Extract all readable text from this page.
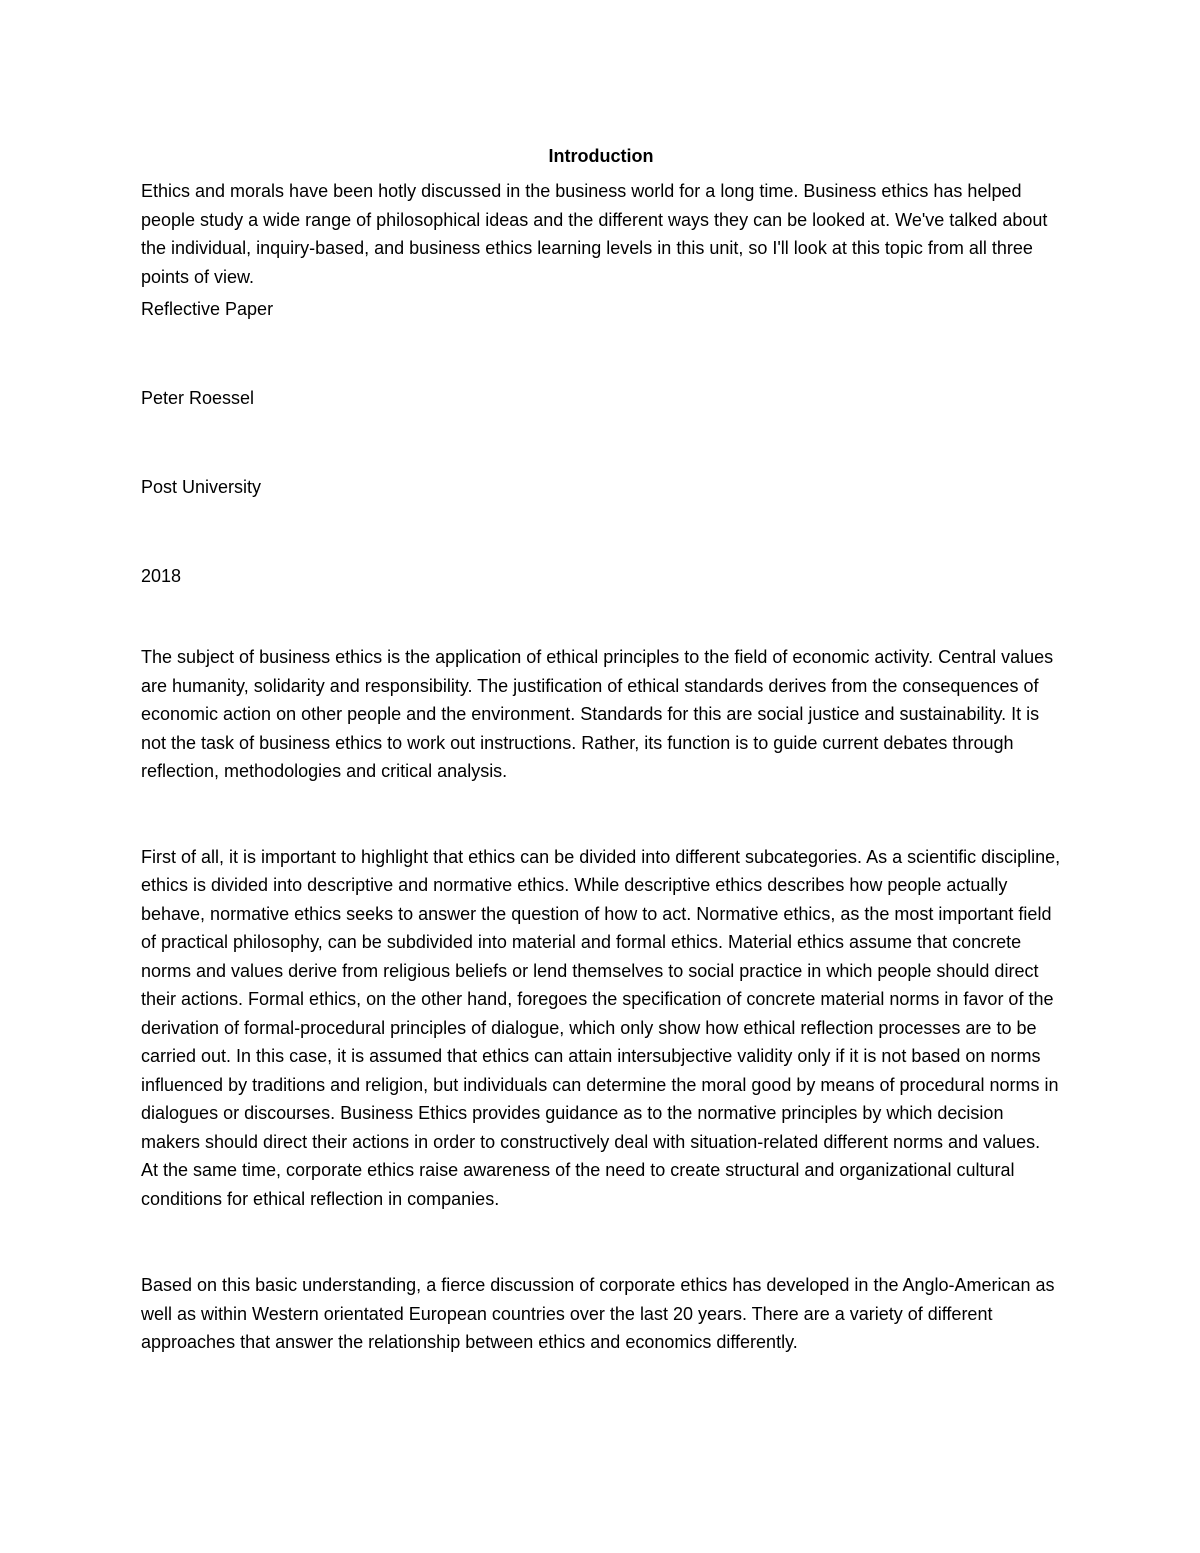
Introduction

Ethics and morals have been hotly discussed in the business world for a long time. Business ethics has helped people study a wide range of philosophical ideas and the different ways they can be looked at. We've talked about the individual, inquiry-based, and business ethics learning levels in this unit, so I'll look at this topic from all three points of view.

Reflective Paper

Peter Roessel

Post University

2018

The subject of business ethics is the application of ethical principles to the field of economic activity. Central values are humanity, solidarity and responsibility. The justification of ethical standards derives from the consequences of economic action on other people and the environment. Standards for this are social justice and sustainability. It is not the task of business ethics to work out instructions. Rather, its function is to guide current debates through reflection, methodologies and critical analysis.

First of all, it is important to highlight that ethics can be divided into different subcategories. As a scientific discipline, ethics is divided into descriptive and normative ethics. While descriptive ethics describes how people actually behave, normative ethics seeks to answer the question of how to act. Normative ethics, as the most important field of practical philosophy, can be subdivided into material and formal ethics. Material ethics assume that concrete norms and values derive from religious beliefs or lend themselves to social practice in which people should direct their actions. Formal ethics, on the other hand, foregoes the specification of concrete material norms in favor of the derivation of formal-procedural principles of dialogue, which only show how ethical reflection processes are to be carried out. In this case, it is assumed that ethics can attain intersubjective validity only if it is not based on norms influenced by traditions and religion, but individuals can determine the moral good by means of procedural norms in dialogues or discourses. Business Ethics provides guidance as to the normative principles by which decision makers should direct their actions in order to constructively deal with situation-related different norms and values. At the same time, corporate ethics raise awareness of the need to create structural and organizational cultural conditions for ethical reflection in companies.

Based on this basic understanding, a fierce discussion of corporate ethics has developed in the Anglo-American as well as within Western orientated European countries over the last 20 years. There are a variety of different approaches that answer the relationship between ethics and economics differently.
